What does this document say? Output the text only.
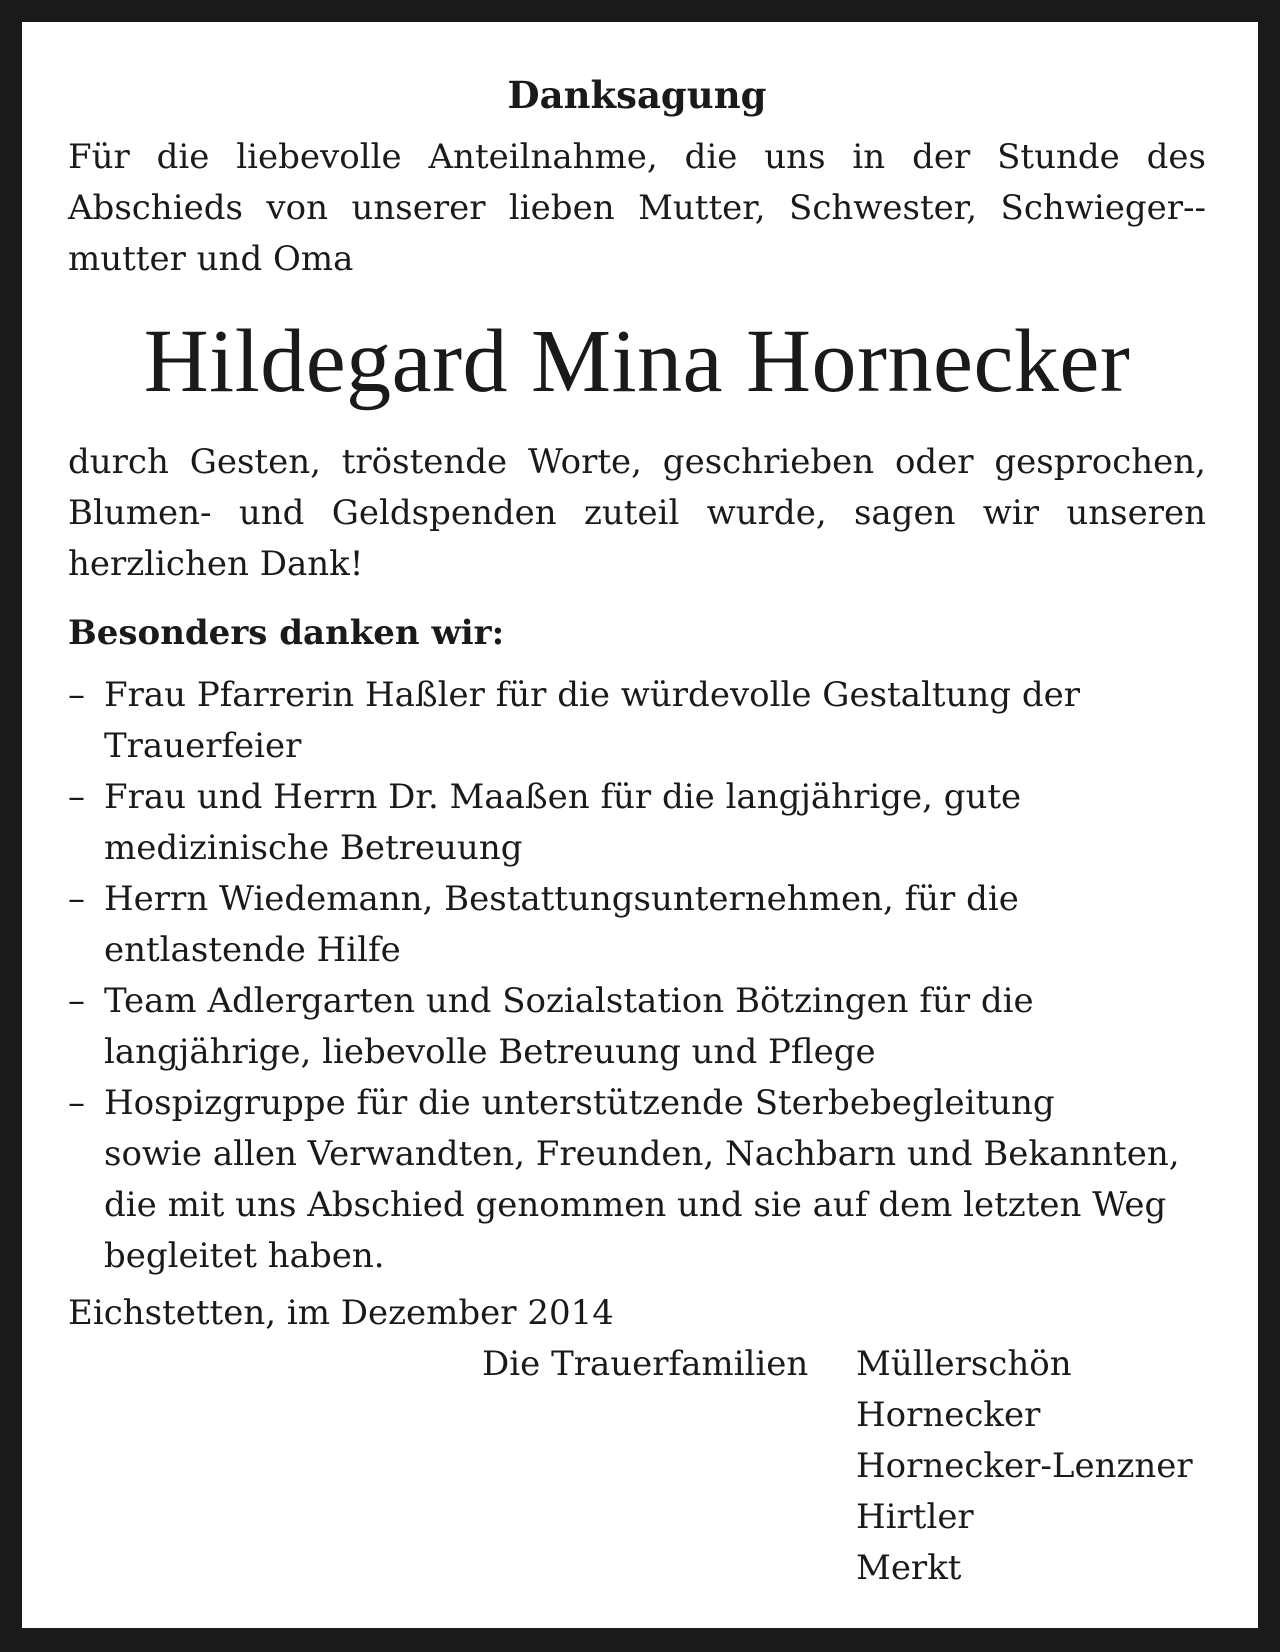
Danksagung

Für die liebevolle Anteilnahme, die uns in der Stunde des Abschieds von unserer lieben Mutter, Schwester, Schwieger-mutter und Oma

Hildegard Mina Hornecker

durch Gesten, tröstende Worte, geschrieben oder gesprochen, Blumen- und Geldspenden zuteil wurde, sagen wir unseren herzlichen Dank!

Besonders danken wir:
– Frau Pfarrerin Haßler für die würdevolle Gestaltung der Trauerfeier
– Frau und Herrn Dr. Maaßen für die langjährige, gute medizinische Betreuung
– Herrn Wiedemann, Bestattungsunternehmen, für die entlastende Hilfe
– Team Adlergarten und Sozialstation Bötzingen für die langjährige, liebevolle Betreuung und Pflege
– Hospizgruppe für die unterstützende Sterbebegleitung

sowie allen Verwandten, Freunden, Nachbarn und Bekannten, die mit uns Abschied genommen und sie auf dem letzten Weg begleitet haben.

Eichstetten, im Dezember 2014
Die Trauerfamilien	Müllerschön
Hornecker
Hornecker-Lenzner
Hirtler
Merkt
